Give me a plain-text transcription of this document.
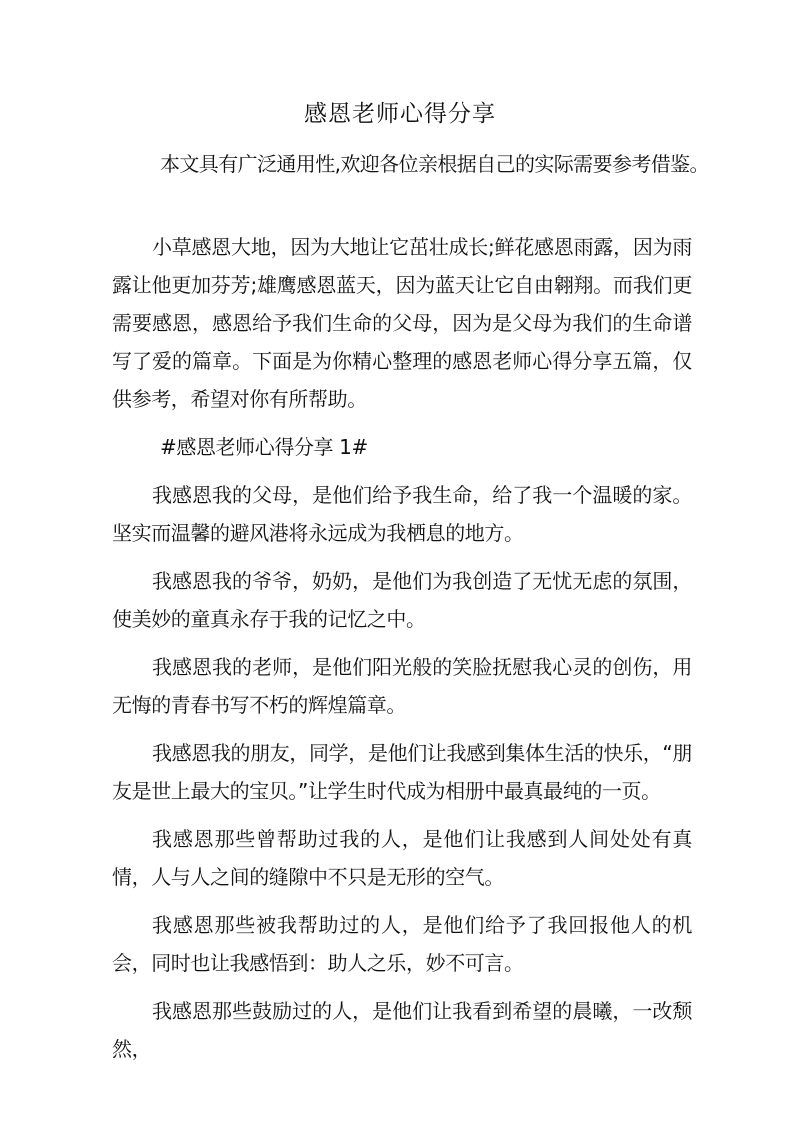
感恩老师心得分享
本文具有广泛通用性,欢迎各位亲根据自己的实际需要参考借鉴。

小草感恩大地，因为大地让它茁壮成长;鲜花感恩雨露，因为雨露让他更加芬芳;雄鹰感恩蓝天，因为蓝天让它自由翱翔。而我们更需要感恩，感恩给予我们生命的父母，因为是父母为我们的生命谱写了爱的篇章。下面是为你精心整理的感恩老师心得分享五篇，仅供参考，希望对你有所帮助。

#感恩老师心得分享 1#

我感恩我的父母，是他们给予我生命，给了我一个温暖的家。坚实而温馨的避风港将永远成为我栖息的地方。

我感恩我的爷爷，奶奶，是他们为我创造了无忧无虑的氛围，使美妙的童真永存于我的记忆之中。

我感恩我的老师，是他们阳光般的笑脸抚慰我心灵的创伤，用无悔的青春书写不朽的辉煌篇章。

我感恩我的朋友，同学，是他们让我感到集体生活的快乐，“朋友是世上最大的宝贝。”让学生时代成为相册中最真最纯的一页。

我感恩那些曾帮助过我的人，是他们让我感到人间处处有真情，人与人之间的缝隙中不只是无形的空气。

我感恩那些被我帮助过的人，是他们给予了我回报他人的机会，同时也让我感悟到：助人之乐，妙不可言。

我感恩那些鼓励过的人，是他们让我看到希望的晨曦，一改颓然，
